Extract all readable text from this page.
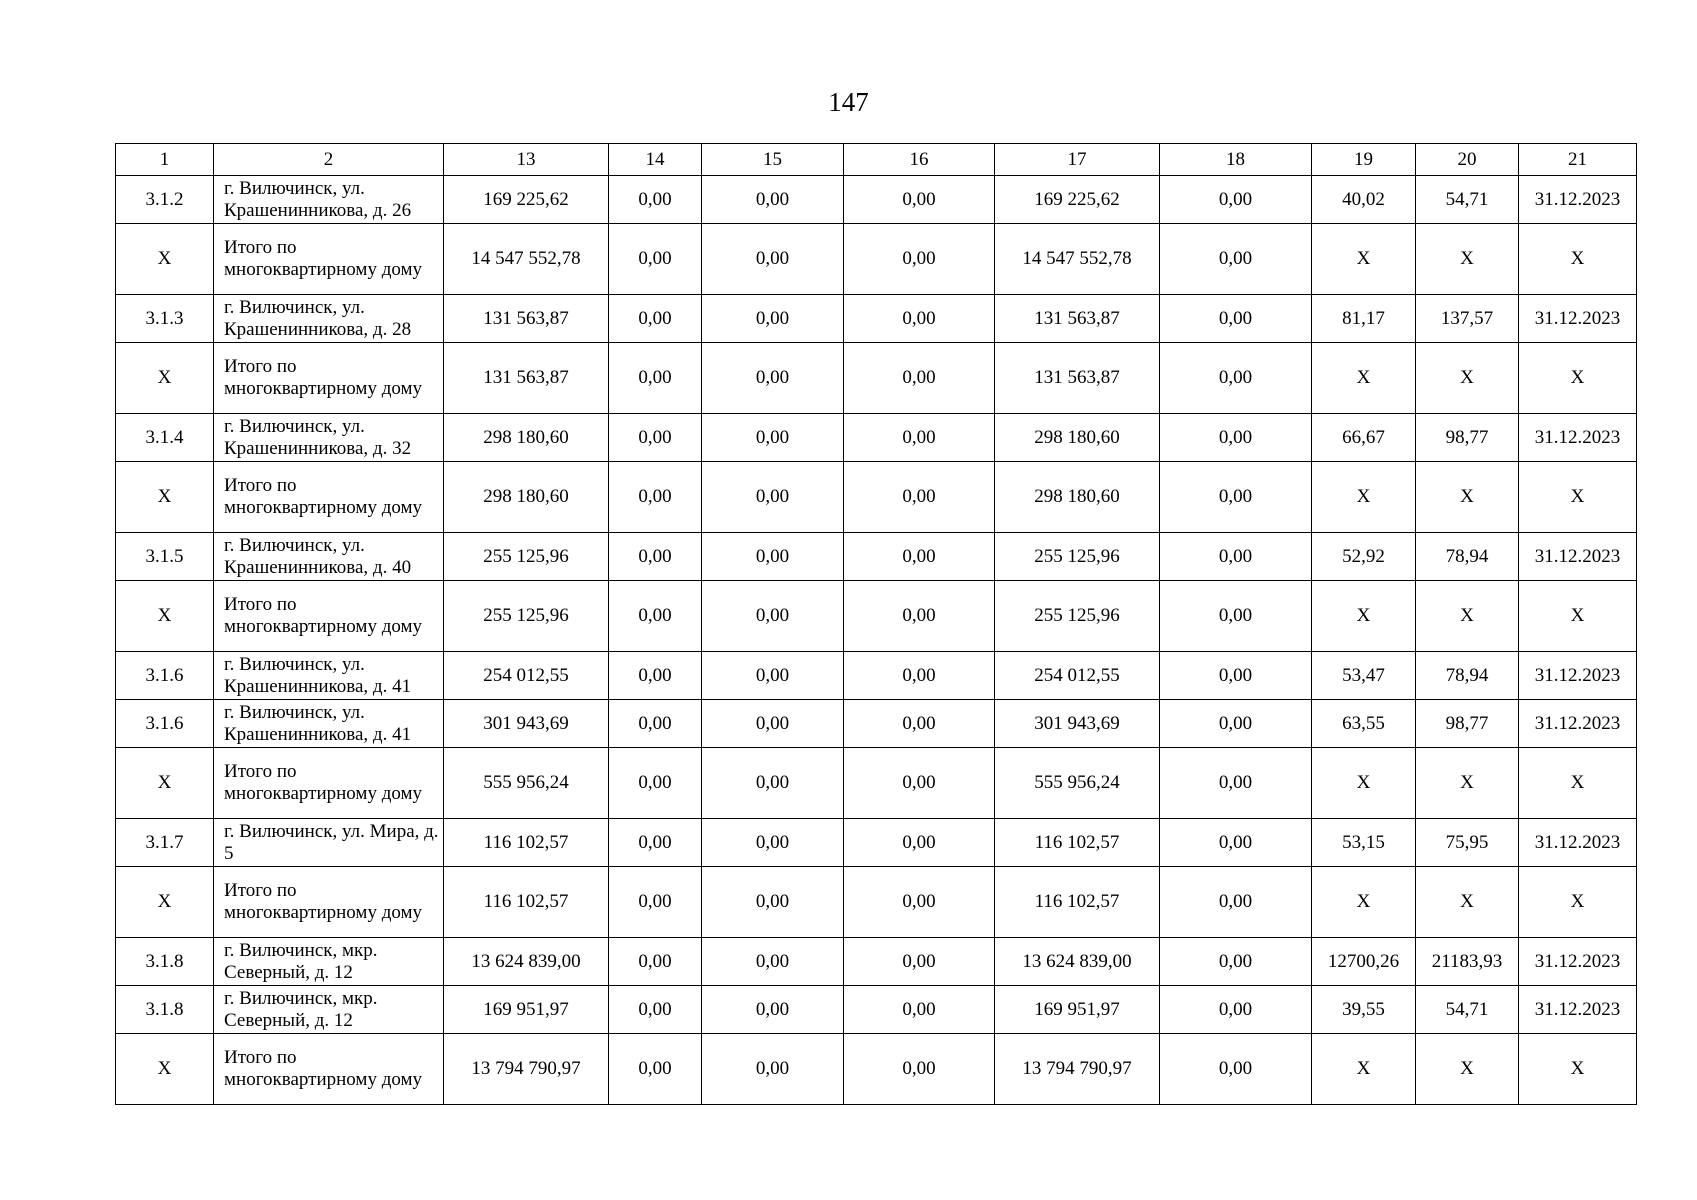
147
1	2	13	14	15	16	17	18	19	20	21
3.1.2	г. Вилючинск, ул. Крашенинникова, д. 26	169 225,62	0,00	0,00	0,00	169 225,62	0,00	40,02	54,71	31.12.2023
X	Итого по многоквартирному дому	14 547 552,78	0,00	0,00	0,00	14 547 552,78	0,00	X	X	X
3.1.3	г. Вилючинск, ул. Крашенинникова, д. 28	131 563,87	0,00	0,00	0,00	131 563,87	0,00	81,17	137,57	31.12.2023
X	Итого по многоквартирному дому	131 563,87	0,00	0,00	0,00	131 563,87	0,00	X	X	X
3.1.4	г. Вилючинск, ул. Крашенинникова, д. 32	298 180,60	0,00	0,00	0,00	298 180,60	0,00	66,67	98,77	31.12.2023
X	Итого по многоквартирному дому	298 180,60	0,00	0,00	0,00	298 180,60	0,00	X	X	X
3.1.5	г. Вилючинск, ул. Крашенинникова, д. 40	255 125,96	0,00	0,00	0,00	255 125,96	0,00	52,92	78,94	31.12.2023
X	Итого по многоквартирному дому	255 125,96	0,00	0,00	0,00	255 125,96	0,00	X	X	X
3.1.6	г. Вилючинск, ул. Крашенинникова, д. 41	254 012,55	0,00	0,00	0,00	254 012,55	0,00	53,47	78,94	31.12.2023
3.1.6	г. Вилючинск, ул. Крашенинникова, д. 41	301 943,69	0,00	0,00	0,00	301 943,69	0,00	63,55	98,77	31.12.2023
X	Итого по многоквартирному дому	555 956,24	0,00	0,00	0,00	555 956,24	0,00	X	X	X
3.1.7	г. Вилючинск, ул. Мира, д. 5	116 102,57	0,00	0,00	0,00	116 102,57	0,00	53,15	75,95	31.12.2023
X	Итого по многоквартирному дому	116 102,57	0,00	0,00	0,00	116 102,57	0,00	X	X	X
3.1.8	г. Вилючинск, мкр. Северный, д. 12	13 624 839,00	0,00	0,00	0,00	13 624 839,00	0,00	12700,26	21183,93	31.12.2023
3.1.8	г. Вилючинск, мкр. Северный, д. 12	169 951,97	0,00	0,00	0,00	169 951,97	0,00	39,55	54,71	31.12.2023
X	Итого по многоквартирному дому	13 794 790,97	0,00	0,00	0,00	13 794 790,97	0,00	X	X	X
